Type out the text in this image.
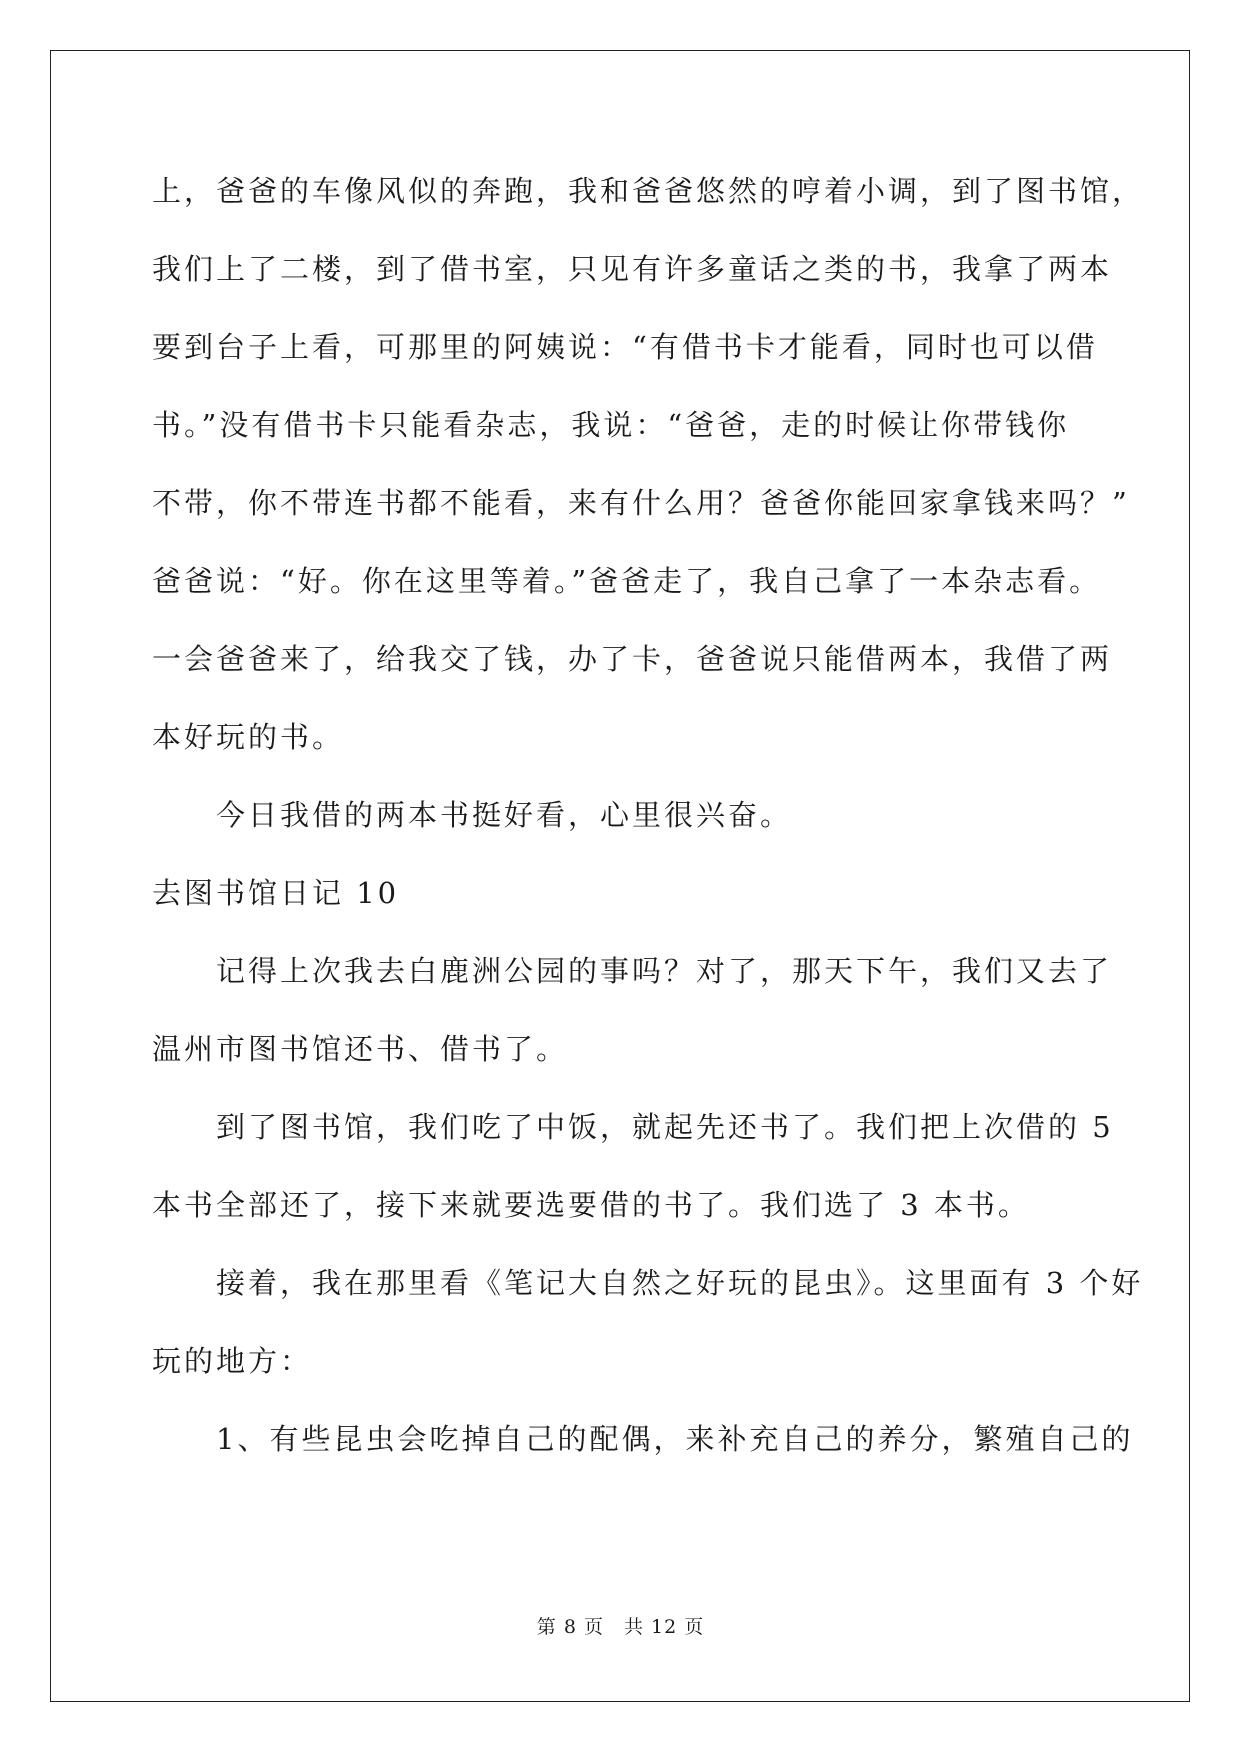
上，爸爸的车像风似的奔跑，我和爸爸悠然的哼着小调，到了图书馆，
我们上了二楼，到了借书室，只见有许多童话之类的书，我拿了两本
要到台子上看，可那里的阿姨说：“有借书卡才能看，同时也可以借
书。”没有借书卡只能看杂志，我说：“爸爸，走的时候让你带钱你
不带，你不带连书都不能看，来有什么用？爸爸你能回家拿钱来吗？”
爸爸说：“好。你在这里等着。”爸爸走了，我自己拿了一本杂志看。
一会爸爸来了，给我交了钱，办了卡，爸爸说只能借两本，我借了两
本好玩的书。
今日我借的两本书挺好看，心里很兴奋。
去图书馆日记 10
记得上次我去白鹿洲公园的事吗？对了，那天下午，我们又去了
温州市图书馆还书、借书了。
到了图书馆，我们吃了中饭，就起先还书了。我们把上次借的 5
本书全部还了，接下来就要选要借的书了。我们选了 3 本书。
接着，我在那里看《笔记大自然之好玩的昆虫》。这里面有 3 个好
玩的地方：
1、有些昆虫会吃掉自己的配偶，来补充自己的养分，繁殖自己的
第 8 页 共 12 页
